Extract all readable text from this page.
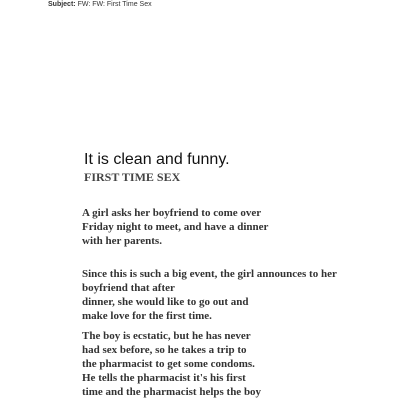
Subject: FW: FW: First Time Sex
It is clean and funny.
FIRST TIME SEX

A girl asks her boyfriend to come over
Friday night to meet, and have a dinner
with her parents.

Since this is such a big event, the girl announces to her
boyfriend that after
dinner, she would like to go out and
make love for the first time.

The boy is ecstatic, but he has never
had sex before, so he takes a trip to
the pharmacist to get some condoms.
He tells the pharmacist it's his first
time and the pharmacist helps the boy
